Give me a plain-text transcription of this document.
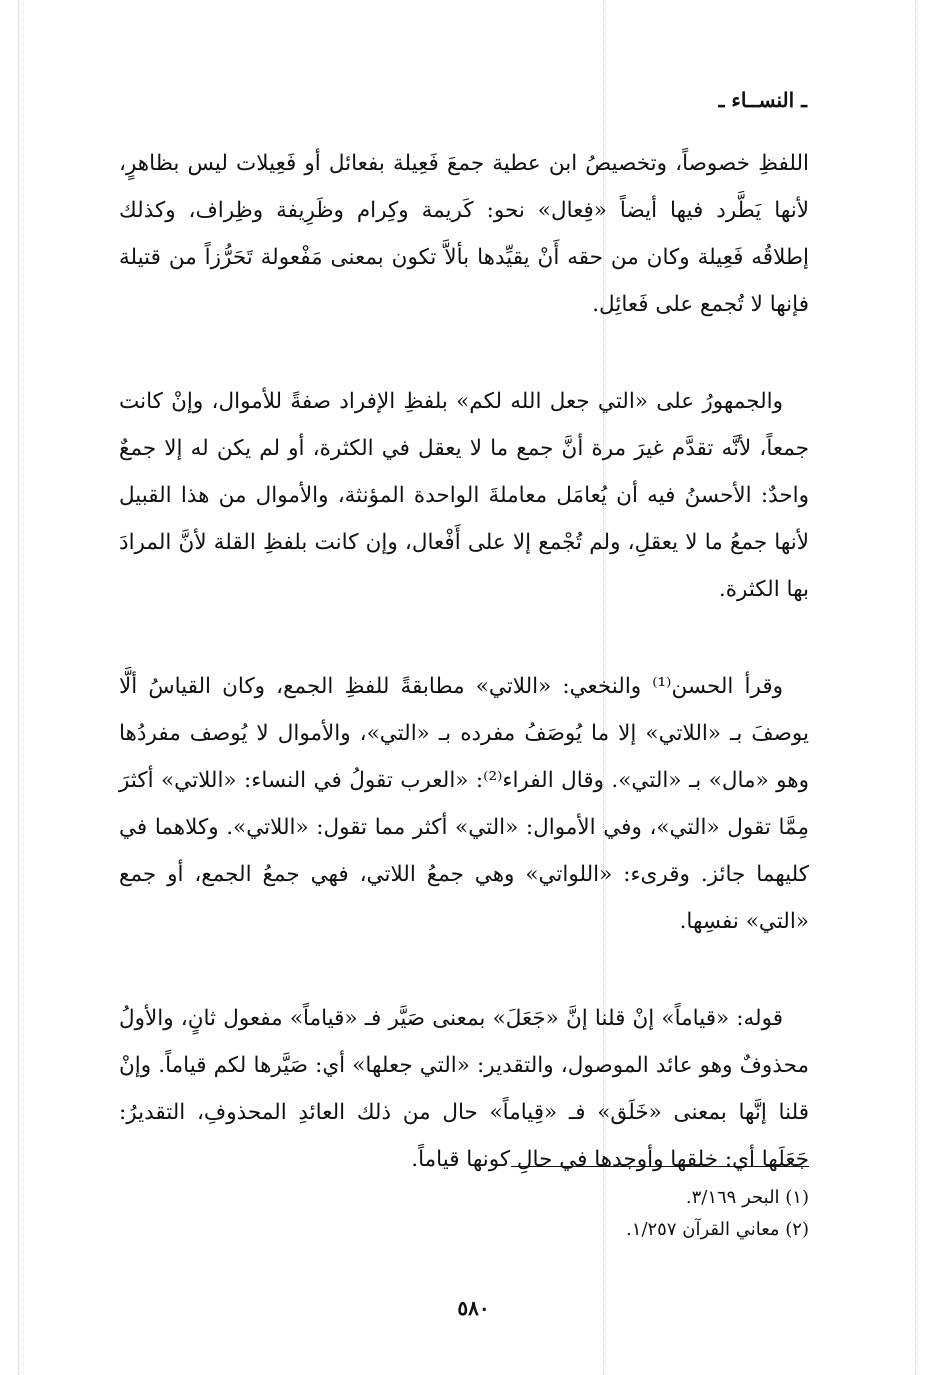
ـ النســاء ـ

اللفظِ خصوصاً، وتخصيصُ ابن عطية جمعَ فَعِيلة بفعائل أو فَعِيلات ليس بظاهرٍ، لأنها يَطَّرد فيها أيضاً «فِعال» نحو: كَريمة وكِرام وظَرِيفة وظِراف، وكذلك إطلاقُه فَعِيلة وكان من حقه أَنْ يقيِّدها بألاَّ تكون بمعنى مَفْعولة تَحَرُّزاً من قتيلة فإنها لا تُجمع على فَعائِل.

والجمهورُ على «التي جعل الله لكم» بلفظِ الإفراد صفةً للأموال، وإنْ كانت جمعاً، لأنَّه تقدَّم غيرَ مرة أنَّ جمع ما لا يعقل في الكثرة، أو لم يكن له إلا جمعٌ واحدٌ: الأحسنُ فيه أن يُعامَل معاملةَ الواحدة المؤنثة، والأموال من هذا القبيل لأنها جمعُ ما لا يعقلِ، ولم تُجْمع إلا على أَفْعال، وإن كانت بلفظِ القلة لأنَّ المرادَ بها الكثرة.

وقرأ الحسن⁽¹⁾ والنخعي: «اللاتي» مطابقةً للفظِ الجمع، وكان القياسُ ألَّا يوصفَ بـ «اللاتي» إلا ما يُوصَفُ مفرده بـ «التي»، والأموال لا يُوصف مفردُها وهو «مال» بـ «التي». وقال الفراء⁽²⁾: «العرب تقولُ في النساء: «اللاتي» أكثرَ مِمَّا تقول «التي»، وفي الأموال: «التي» أكثر مما تقول: «اللاتي». وكلاهما في كليهما جائز. وقرىء: «اللواتي» وهي جمعُ اللاتي، فهي جمعُ الجمع، أو جمع «التي» نفسِها.

قوله: «قياماً» إنْ قلنا إنَّ «جَعَلَ» بمعنى صَيَّر فـ «قياماً» مفعول ثانٍ، والأولُ محذوفٌ وهو عائد الموصول، والتقدير: «التي جعلها» أي: صَيَّرها لكم قياماً. وإنْ قلنا إنَّها بمعنى «خَلَق» فـ «قِياماً» حال من ذلك العائدِ المحذوفِ، التقديرُ: جَعَلَها أي: خلقها وأوجدها في حالِ كونها قياماً.

(١) البحر ٣/١٦٩.
(٢) معاني القرآن ١/٢٥٧.
٥٨٠
